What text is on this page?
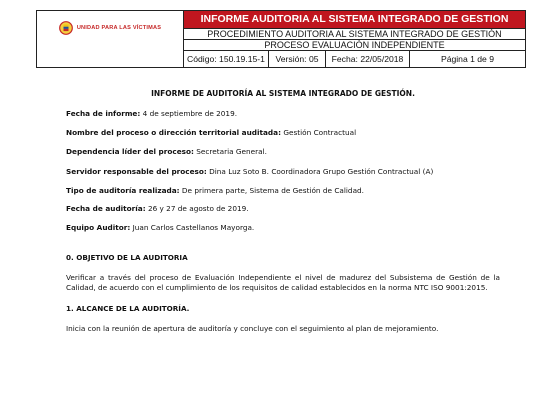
UNIDAD PARA LAS VÍCTIMAS
INFORME AUDITORIA AL SISTEMA INTEGRADO DE GESTION
PROCEDIMIENTO AUDITORIA AL SISTEMA INTEGRADO DE GESTIÓN
PROCESO EVALUACIÓN INDEPENDIENTE
Código: 150.19.15-1	Versión: 05	Fecha: 22/05/2018	Página 1 de 9

INFORME DE AUDITORÍA AL SISTEMA INTEGRADO DE GESTIÓN.

Fecha de informe: 4 de septiembre de 2019.

Nombre del proceso o dirección territorial auditada: Gestión Contractual

Dependencia líder del proceso: Secretaria General.

Servidor responsable del proceso: Dina Luz Soto B. Coordinadora Grupo Gestión Contractual (A)

Tipo de auditoría realizada: De primera parte, Sistema de Gestión de Calidad.

Fecha de auditoría: 26 y 27 de agosto de 2019.

Equipo Auditor: Juan Carlos Castellanos Mayorga.

0. OBJETIVO DE LA AUDITORIA

Verificar a través del proceso de Evaluación Independiente el nivel de madurez del Subsistema de Gestión de la Calidad, de acuerdo con el cumplimiento de los requisitos de calidad establecidos en la norma NTC ISO 9001:2015.

1. ALCANCE DE LA AUDITORÍA.

Inicia con la reunión de apertura de auditoría y concluye con el seguimiento al plan de mejoramiento.
